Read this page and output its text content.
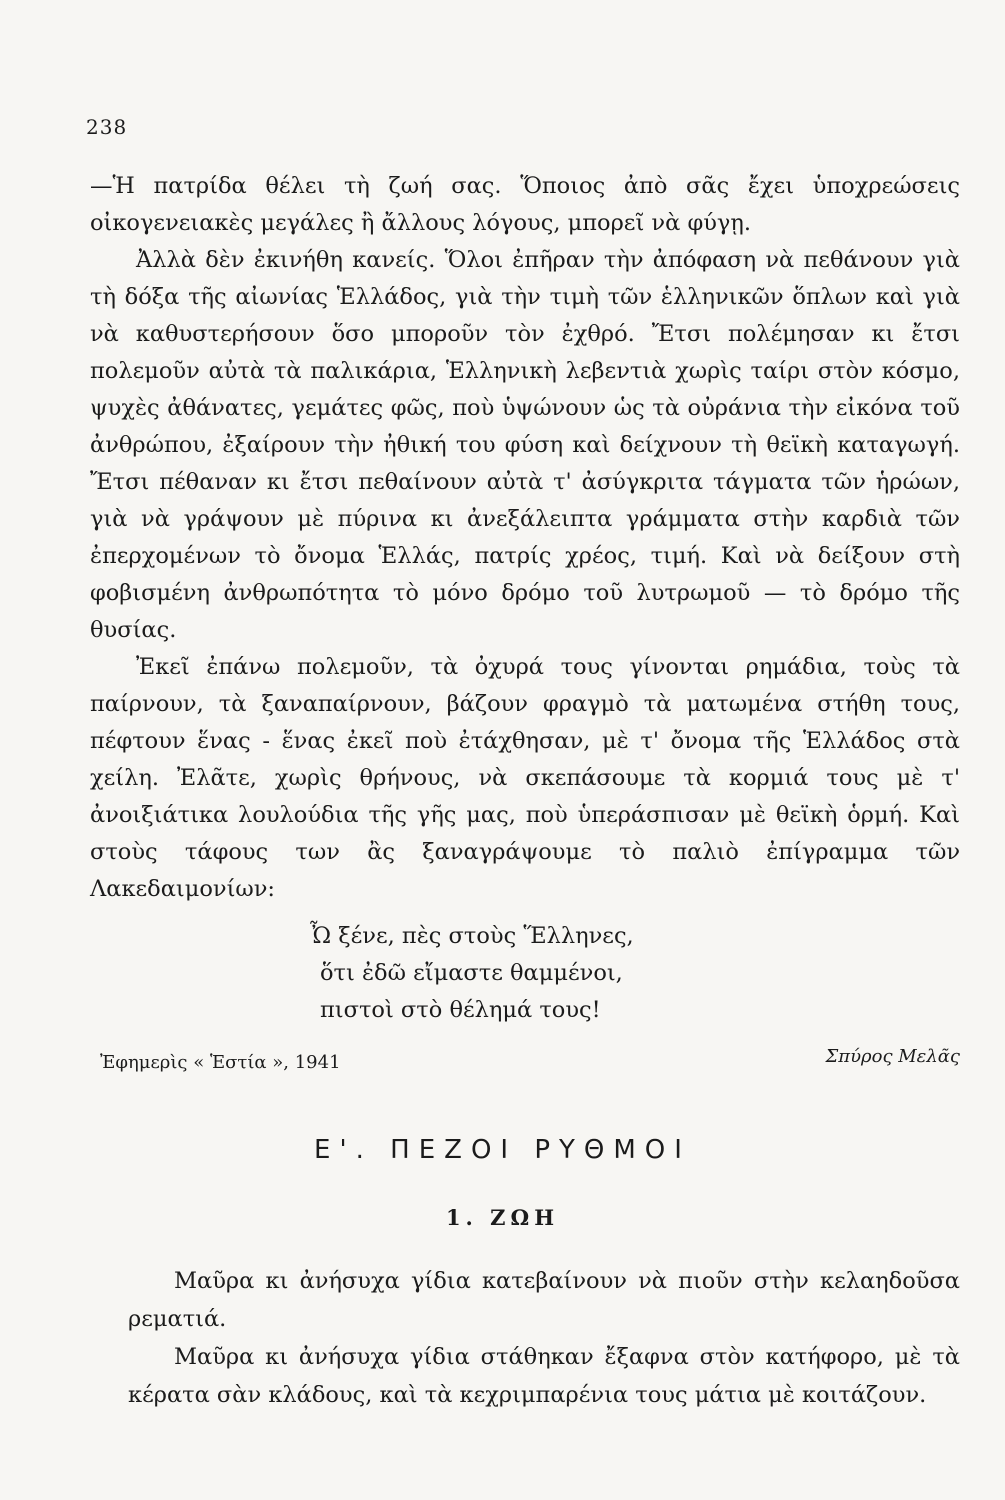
238

—Ἡ πατρίδα θέλει τὴ ζωή σας. Ὅποιος ἀπὸ σᾶς ἔχει ὑποχρεώσεις οἰκογενειακὲς μεγάλες ἢ ἄλλους λόγους, μπορεῖ νὰ φύγῃ.

Ἀλλὰ δὲν ἐκινήθη κανείς. Ὅλοι ἐπῆραν τὴν ἀπόφαση νὰ πεθάνουν γιὰ τὴ δόξα τῆς αἰωνίας Ἑλλάδος, γιὰ τὴν τιμὴ τῶν ἑλληνικῶν ὅπλων καὶ γιὰ νὰ καθυστερήσουν ὅσο μποροῦν τὸν ἐχθρό. Ἔτσι πολέμησαν κι ἔτσι πολεμοῦν αὐτὰ τὰ παλικάρια, Ἑλληνικὴ λεβεντιὰ χωρὶς ταίρι στὸν κόσμο, ψυχὲς ἀθάνατες, γεμάτες φῶς, ποὺ ὑψώνουν ὡς τὰ οὐράνια τὴν εἰκόνα τοῦ ἀνθρώπου, ἐξαίρουν τὴν ἠθική του φύση καὶ δείχνουν τὴ θεϊκὴ καταγωγή. Ἔτσι πέθαναν κι ἔτσι πεθαίνουν αὐτὰ τ' ἀσύγκριτα τάγματα τῶν ἡρώων, γιὰ νὰ γράψουν μὲ πύρινα κι ἀνεξάλειπτα γράμματα στὴν καρδιὰ τῶν ἐπερχομένων τὸ ὄνομα Ἑλλάς, πατρίς χρέος, τιμή. Καὶ νὰ δείξουν στὴ φοβισμένη ἀνθρωπότητα τὸ μόνο δρόμο τοῦ λυτρωμοῦ — τὸ δρόμο τῆς θυσίας.

Ἐκεῖ ἐπάνω πολεμοῦν, τὰ ὀχυρά τους γίνονται ρημάδια, τοὺς τὰ παίρνουν, τὰ ξαναπαίρνουν, βάζουν φραγμὸ τὰ ματωμένα στήθη τους, πέφτουν ἕνας - ἕνας ἐκεῖ ποὺ ἐτάχθησαν, μὲ τ' ὄνομα τῆς Ἑλλάδος στὰ χείλη. Ἐλᾶτε, χωρὶς θρήνους, νὰ σκεπάσουμε τὰ κορμιά τους μὲ τ' ἀνοιξιάτικα λουλούδια τῆς γῆς μας, ποὺ ὑπεράσπισαν μὲ θεϊκὴ ὁρμή. Καὶ στοὺς τάφους των ἂς ξαναγράψουμε τὸ παλιὸ ἐπίγραμμα τῶν Λακεδαιμονίων:

Ὦ ξένε, πὲς στοὺς Ἕλληνες,
ὅτι ἐδῶ εἴμαστε θαμμένοι,
πιστοὶ στὸ θέλημά τους!
Ἐφημερὶς « Ἑστία », 1941	Σπύρος Μελᾶς
Ε'. ΠΕΖΟΙ ΡΥΘΜΟΙ
1. ΖΩΗ

Μαῦρα κι ἀνήσυχα γίδια κατεβαίνουν νὰ πιοῦν στὴν κελαηδοῦσα ρεματιά.

Μαῦρα κι ἀνήσυχα γίδια στάθηκαν ἔξαφνα στὸν κατήφορο, μὲ τὰ κέρατα σὰν κλάδους, καὶ τὰ κεχριμπαρένια τους μάτια μὲ κοιτάζουν.
